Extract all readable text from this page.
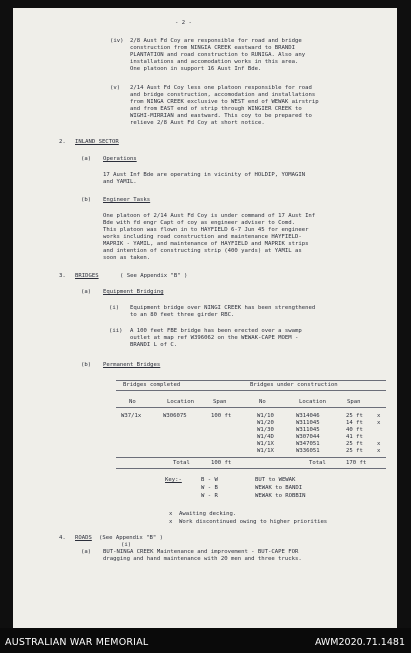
- 2 -
(iv) 2/8 Aust Fd Coy are responsible for road and bridge
construction from NINGIA CREEK eastward to BRANDI
PLANTATION and road construction to RUNIGA. Also any
installations and accomodation works in this area.
One platoon in support 16 Aust Inf Bde.
(v) 2/14 Aust Fd Coy less one platoon responsible for road
and bridge construction, accomodation and installations
from NINGA CREEK exclusive to WEST end of WEWAK airstrip
and from EAST end of strip through WINGIER CREEK to
WIGHI-MIRRIAN and eastward. This coy to be prepared to
relieve 2/8 Aust Fd Coy at short notice.
2. INLAND SECTOR
(a) Operations
17 Aust Inf Bde are operating in vicinity of HOLDIP, YOMAGIN
and YAMIL.
(b) Engineer Tasks
One platoon of 2/14 Aust Fd Coy is under command of 17 Aust Inf
Bde with fd engr Capt of coy as engineer adviser to Comd.
This platoon was flown in to HAYFIELD 6-7 Jun 45 for engineer
works including road construction and maintenance HAYFIELD-
MAPRIK - YAMIL, and maintenance of HAYFIELD and MAPRIK strips
and intention of constructing strip (400 yards) at YAMIL as
soon as taken.
3. BRIDGES	( See Appendix "B" )
(a) Equipment Bridging
(i) Equipment bridge over NINGI CREEK has been strengthened
to an 80 feet three girder RBC.
(ii) A 100 feet FBE bridge has been erected over a swamp
outlet at map ref W396062 on the WEWAK-CAPE MOEM -
BRANDI L of C.
(b) Permanent Bridges
Bridges completed	Bridges under construction
No	Location	Span	No	Location	Span
W37/1x	W306075	100 ft	W1/10	W314046	25 ft	x
W1/20	W311045	14 ft	x
W1/30	W311045	40 ft
W1/4D	W307044	41 ft
W1/1X	W347051	25 ft	x
W1/1X	W336051	25 ft	x
Total	100 ft	Total	170 ft
Key:-	B - W	BUT to WEWAK
W - B	WEWAK to BANDI
W - R	WEWAK to ROBBIN
x Awaiting decking.
x Work discontinued owing to higher priorities
4. ROADS (See Appendix "B" )
(i)
(a) BUT-NINGA CREEK Maintenance and improvement - BUT-CAPE FOR
dragging and hand maintenance with 20 men and three trucks.
AUSTRALIAN WAR MEMORIAL	AWM2020.71.1481
